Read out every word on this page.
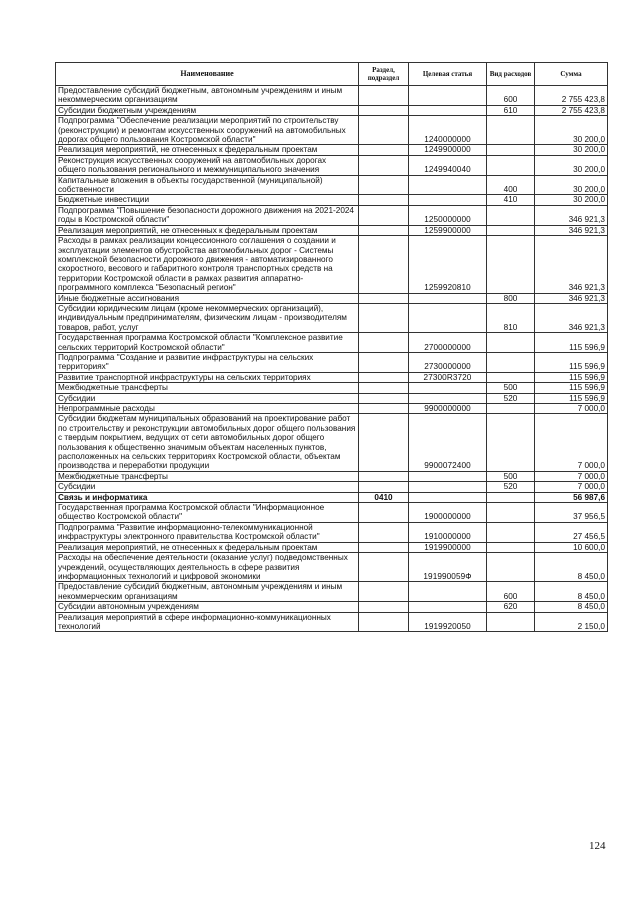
Наименование	Раздел, подраздел	Целевая статья	Вид расходов	Сумма
Предоставление субсидий бюджетным, автономным учреждениям и иным некоммерческим организациям			600	2 755 423,8
Субсидии бюджетным учреждениям			610	2 755 423,8
Подпрограмма "Обеспечение реализации мероприятий по строительству (реконструкции) и ремонтам искусственных сооружений на автомобильных дорогах общего пользования Костромской области"		1240000000		30 200,0
Реализация мероприятий, не отнесенных к федеральным проектам		1249900000		30 200,0
Реконструкция искусственных сооружений на автомобильных дорогах общего пользования регионального и межмуниципального значения		1249940040		30 200,0
Капитальные вложения в объекты государственной (муниципальной) собственности			400	30 200,0
Бюджетные инвестиции			410	30 200,0
Подпрограмма "Повышение безопасности дорожного движения на 2021-2024 годы в Костромской области"		1250000000		346 921,3
Реализация мероприятий, не отнесенных к федеральным проектам		1259900000		346 921,3
Расходы в рамках реализации концессионного соглашения о создании и эксплуатации элементов обустройства автомобильных дорог - Системы комплексной безопасности дорожного движения - автоматизированного скоростного, весового и габаритного контроля транспортных средств на территории Костромской области в рамках развития аппаратно-программного комплекса "Безопасный регион"		1259920810		346 921,3
Иные бюджетные ассигнования			800	346 921,3
Субсидии юридическим лицам (кроме некоммерческих организаций), индивидуальным предпринимателям, физическим лицам - производителям товаров, работ, услуг			810	346 921,3
Государственная программа Костромской области "Комплексное развитие сельских территорий Костромской области"		2700000000		115 596,9
Подпрограмма "Создание и развитие инфраструктуры на сельских территориях"		2730000000		115 596,9
Развитие транспортной инфраструктуры на сельских территориях		27300R3720		115 596,9
Межбюджетные трансферты			500	115 596,9
Субсидии			520	115 596,9
Непрограммные расходы		9900000000		7 000,0
Субсидии бюджетам муниципальных образований на проектирование работ по строительству и реконструкции автомобильных дорог общего пользования с твердым покрытием, ведущих от сети автомобильных дорог общего пользования к общественно значимым объектам населенных пунктов, расположенных на сельских территориях Костромской области, объектам производства и переработки продукции		9900072400		7 000,0
Межбюджетные трансферты			500	7 000,0
Субсидии			520	7 000,0
Связь и информатика	0410			56 987,6
Государственная программа Костромской области "Информационное общество Костромской области"		1900000000		37 956,5
Подпрограмма "Развитие информационно-телекоммуникационной инфраструктуры электронного правительства Костромской области"		1910000000		27 456,5
Реализация мероприятий, не отнесенных к федеральным проектам		1919900000		10 600,0
Расходы на обеспечение деятельности (оказание услуг) подведомственных учреждений, осуществляющих деятельность в сфере развития информационных технологий и цифровой экономики		191990059Ф		8 450,0
Предоставление субсидий бюджетным, автономным учреждениям и иным некоммерческим организациям			600	8 450,0
Субсидии автономным учреждениям			620	8 450,0
Реализация мероприятий в сфере информационно-коммуникационных технологий		1919920050		2 150,0
124
